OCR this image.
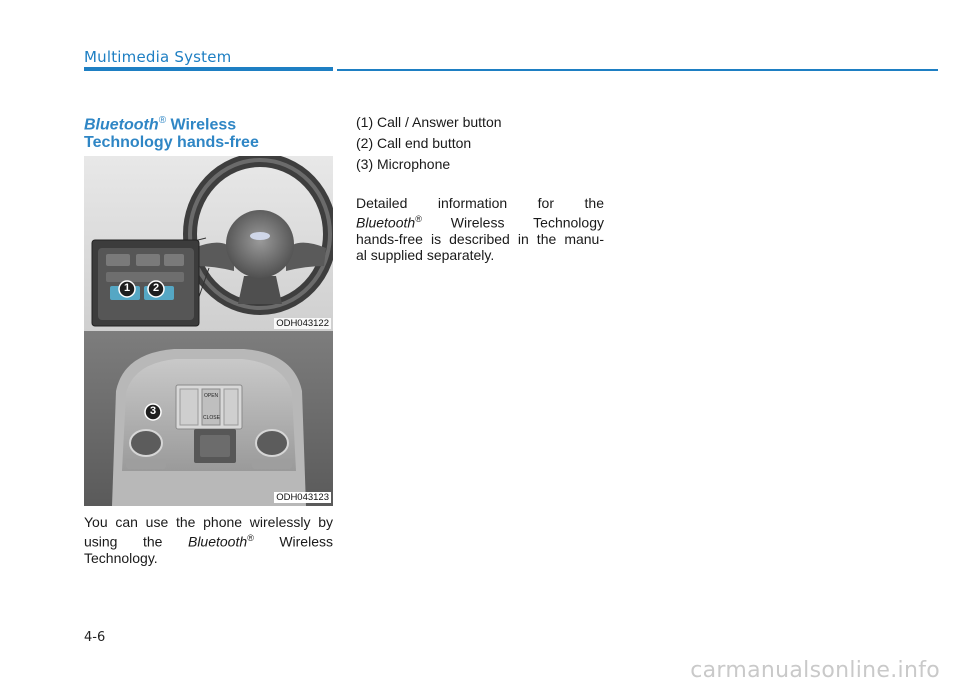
Multimedia System
Bluetooth® Wireless
Technology hands-free
1 2
ODH043122
OPEN
CLOSE
3
ODH043123
You can use the phone wirelessly by
using the Bluetooth® Wireless
Technology.
(1) Call / Answer button
(2) Call end button
(3) Microphone
Detailed information for the
Bluetooth® Wireless Technology
hands-free is described in the manu-
al supplied separately.
4-6
carmanualsonline.info
